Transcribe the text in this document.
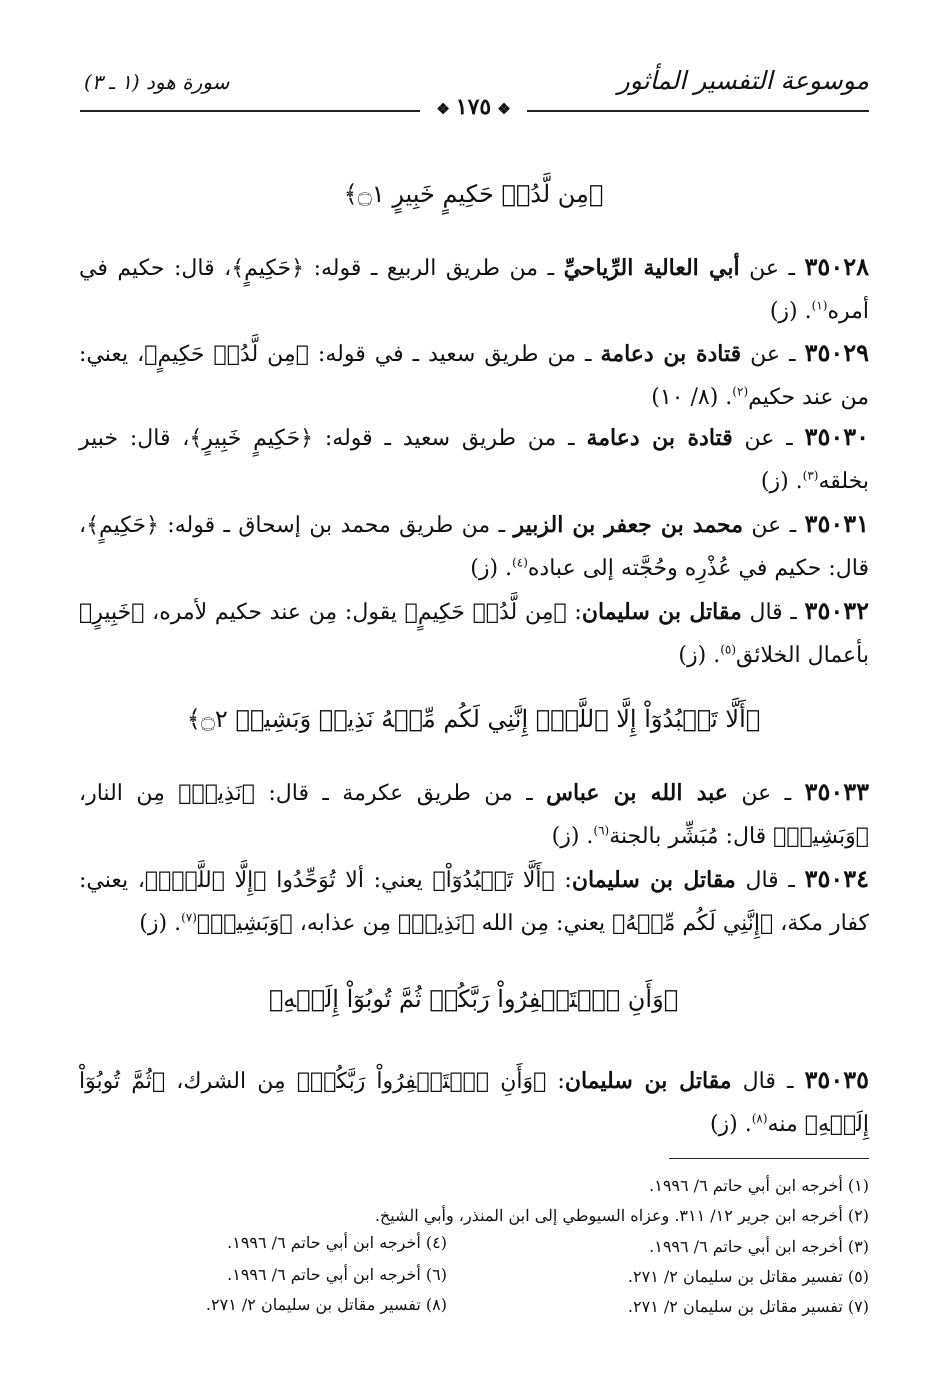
موسوعة التفسير المأثور
سورة هود (١ ـ ٣)
❖١٧٥❖
﴿مِن لَّدُنۡ حَكِيمٍ خَبِيرٍ ۝١﴾
٣٥٠٢٨ ـ عن أبي العالية الرِّياحيِّ ـ من طريق الربيع ـ قوله: ﴿حَكِيمٍ﴾، قال: حكيم في أمره$^{(١)}$. (ز)
٣٥٠٢٩ ـ عن قتادة بن دعامة ـ من طريق سعيد ـ في قوله: ﴿مِن لَّدُنۡ حَكِيمٍ﴾، يعني: من عند حكيم$^{(٢)}$. (٨/ ١٠)
٣٥٠٣٠ ـ عن قتادة بن دعامة ـ من طريق سعيد ـ قوله: ﴿حَكِيمٍ خَبِيرٍ﴾، قال: خبير بخلقه$^{(٣)}$. (ز)
٣٥٠٣١ ـ عن محمد بن جعفر بن الزبير ـ من طريق محمد بن إسحاق ـ قوله: ﴿حَكِيمٍ﴾، قال: حكيم في عُذْرِه وحُجَّته إلى عباده$^{(٤)}$. (ز)
٣٥٠٣٢ ـ قال مقاتل بن سليمان: ﴿مِن لَّدُنۡ حَكِيمٍ﴾ يقول: مِن عند حكيم لأمره، ﴿خَبِيرٍ﴾ بأعمال الخلائق$^{(٥)}$. (ز)
﴿أَلَّا تَعۡبُدُوٓاْ إِلَّا ٱللَّهَۚ إِنَّنِي لَكُم مِّنۡهُ نَذِيرٞ وَبَشِيرٞ ۝٢﴾
٣٥٠٣٣ ـ عن عبد الله بن عباس ـ من طريق عكرمة ـ قال: ﴿نَذِيرٞ﴾ مِن النار، ﴿وَبَشِيرٞ﴾ قال: مُبَشِّر بالجنة$^{(٦)}$. (ز)
٣٥٠٣٤ ـ قال مقاتل بن سليمان: ﴿أَلَّا تَعۡبُدُوٓاْ﴾ يعني: ألا تُوَحِّدُوا ﴿إِلَّا ٱللَّهَۚ﴾، يعني: كفار مكة، ﴿إِنَّنِي لَكُم مِّنۡهُ﴾ يعني: مِن الله ﴿نَذِيرٞ﴾ مِن عذابه، ﴿وَبَشِيرٞ﴾$^{(٧)}$. (ز)
﴿وَأَنِ ٱسۡتَغۡفِرُواْ رَبَّكُمۡ ثُمَّ تُوبُوٓاْ إِلَيۡهِ﴾
٣٥٠٣٥ ـ قال مقاتل بن سليمان: ﴿وَأَنِ ٱسۡتَغۡفِرُواْ رَبَّكُمۡ﴾ مِن الشرك، ﴿ثُمَّ تُوبُوٓاْ إِلَيۡهِ﴾ منه$^{(٨)}$. (ز)
(١) أخرجه ابن أبي حاتم ٦/ ١٩٩٦.
(٢) أخرجه ابن جرير ١٢/ ٣١١. وعزاه السيوطي إلى ابن المنذر، وأبي الشيخ.
(٣) أخرجه ابن أبي حاتم ٦/ ١٩٩٦.
(٤) أخرجه ابن أبي حاتم ٦/ ١٩٩٦.
(٥) تفسير مقاتل بن سليمان ٢/ ٢٧١.
(٦) أخرجه ابن أبي حاتم ٦/ ١٩٩٦.
(٧) تفسير مقاتل بن سليمان ٢/ ٢٧١.
(٨) تفسير مقاتل بن سليمان ٢/ ٢٧١.
